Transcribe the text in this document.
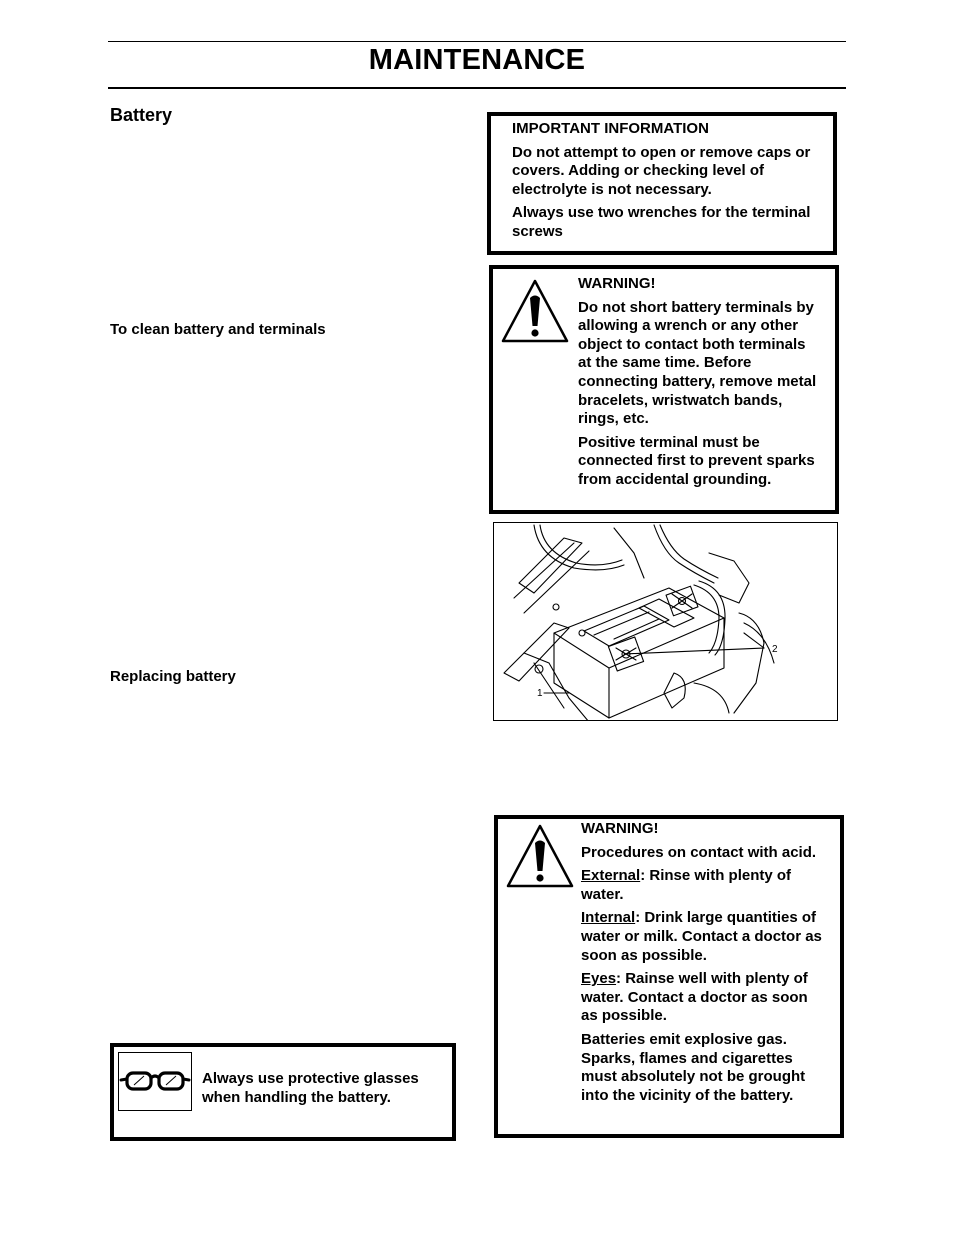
MAINTENANCE
Battery
To clean battery and terminals
Replacing battery

IMPORTANT INFORMATION

Do not attempt to open or remove caps or covers. Adding or checking level of electrolyte is not necessary.

Always use two wrenches for the terminal screws

WARNING!

Do not short battery terminals by allowing a wrench or any other object to contact both terminals at the same time. Before connecting battery, remove metal bracelets, wristwatch bands, rings, etc.

Positive terminal must be connected first to prevent sparks from accidental grounding.

1
2

WARNING!

Procedures on contact with acid.

External: Rinse with plenty of water.

Internal: Drink large quantities of water or milk. Contact a doctor as soon as possible.

Eyes: Rainse well with plenty of water. Contact a doctor as soon as possible.

Batteries emit explosive gas. Sparks, flames and cigarettes must absolutely not be grought into the vicinity of the battery.

Always use protective glasses when handling the battery.
